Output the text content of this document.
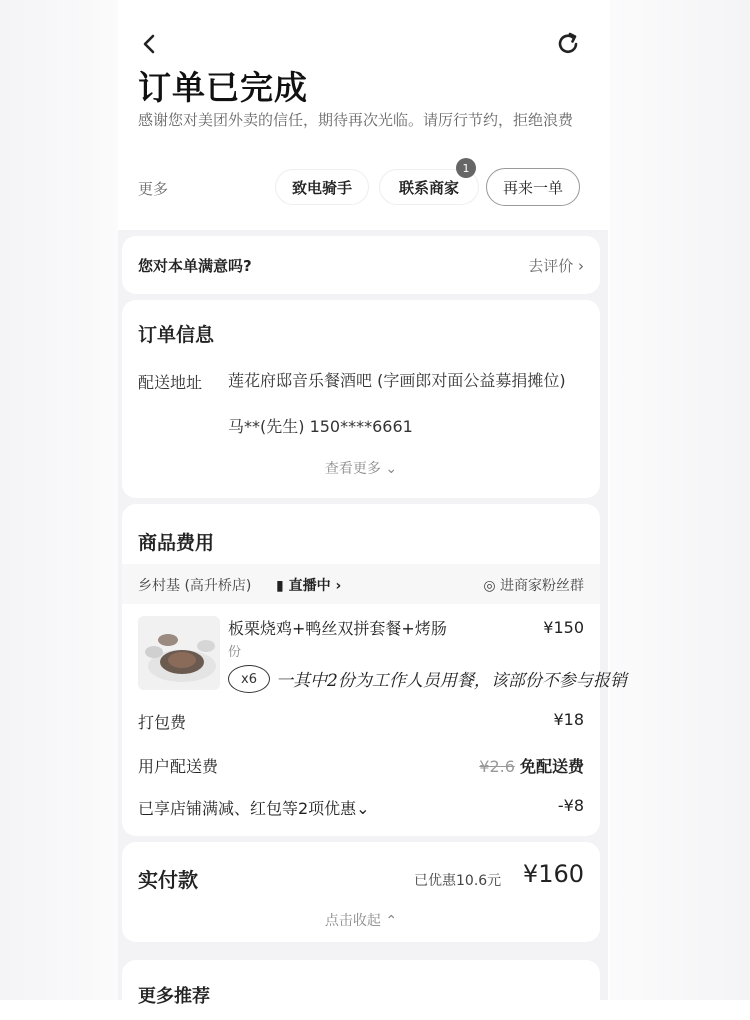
订单已完成
感谢您对美团外卖的信任，期待再次光临。请厉行节约，拒绝浪费
更多	致电骑手	联系商家
1
再来一单
您对本单满意吗?	去评价 ›
订单信息
配送地址 莲花府邸音乐餐酒吧 (字画郎对面公益募捐摊位)
马**(先生) 150****6661
查看更多 ⌄
商品费用
乡村基 (高升桥店) ▮ 直播中 ›	◎ 进商家粉丝群
板栗烧鸡+鸭丝双拼套餐+烤肠
份
¥150
x6	一其中2份为工作人员用餐，该部份不参与报销
打包费	¥18
用户配送费	¥2.6 免配送费
已享店铺满减、红包等2项优惠⌄	-¥8
实付款	已优惠10.6元 ¥160
点击收起 ⌃
更多推荐
